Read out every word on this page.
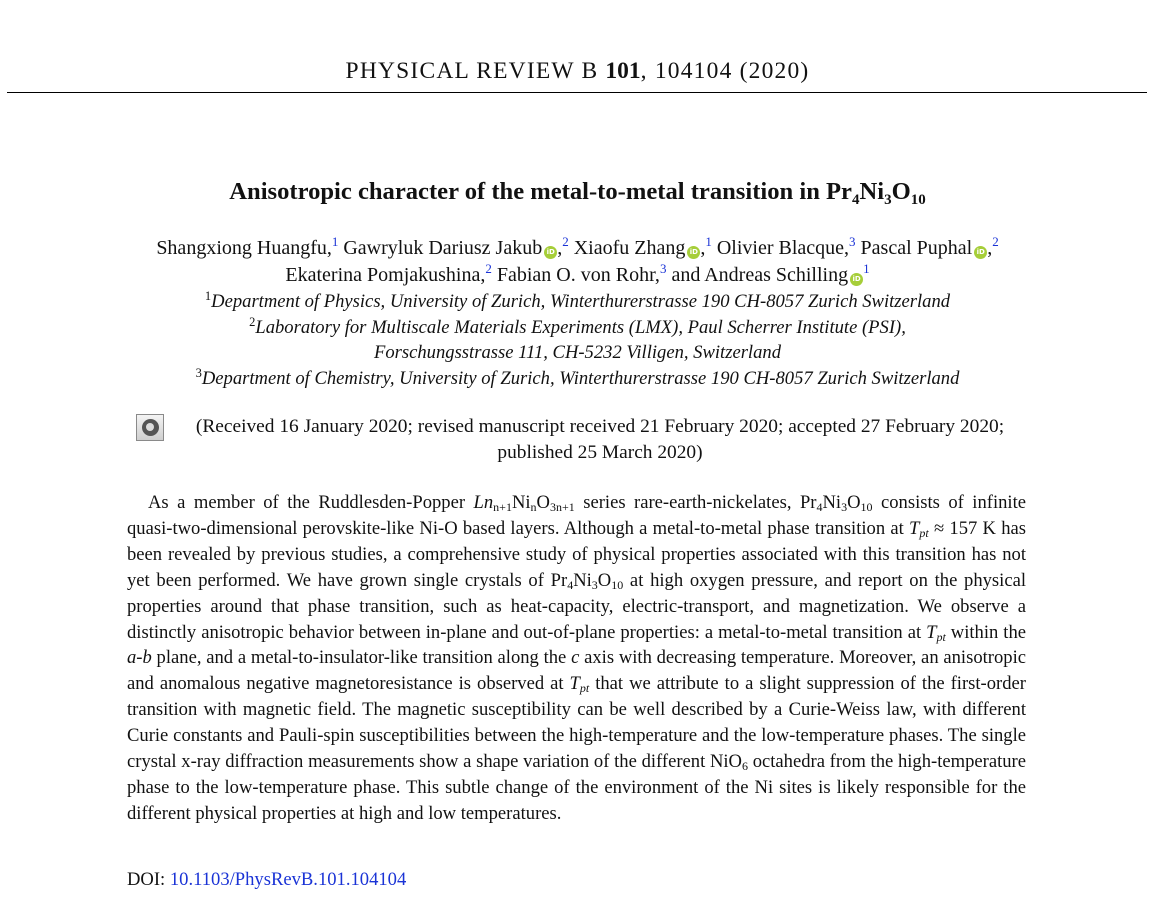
PHYSICAL REVIEW B 101, 104104 (2020)
Anisotropic character of the metal-to-metal transition in $Pr_4Ni_3O_{10}$
Shangxiong Huangfu,$^1$ Gawryluk Dariusz Jakub iD ,$^2$ Xiaofu Zhang iD ,$^1$ Olivier Blacque,$^3$ Pascal Puphal iD ,$^2$
Ekaterina Pomjakushina,$^2$ Fabian O. von Rohr,$^3$ and Andreas Schilling $iD^1$
$^1$Department of Physics, University of Zurich, Winterthurerstrasse 190 CH-8057 Zurich Switzerland
$^2$Laboratory for Multiscale Materials Experiments (LMX), Paul Scherrer Institute (PSI),
Forschungsstrasse 111, CH-5232 Villigen, Switzerland
$^3$Department of Chemistry, University of Zurich, Winterthurerstrasse 190 CH-8057 Zurich Switzerland
(Received 16 January 2020; revised manuscript received 21 February 2020; accepted 27 February 2020;
published 25 March 2020)

As a member of the Ruddlesden-Popper $Ln_{n+1}Ni_nO_{3n+1}$ series rare-earth-nickelates, $Pr_4Ni_3O_{10}$ consists of infinite quasi-two-dimensional perovskite-like Ni-O based layers. Although a metal-to-metal phase transition at $T_{pt} \approx 157$ K has been revealed by previous studies, a comprehensive study of physical properties associated with this transition has not yet been performed. We have grown single crystals of $Pr_4Ni_3O_{10}$ at high oxygen pressure, and report on the physical properties around that phase transition, such as heat-capacity, electric-transport, and magnetization. We observe a distinctly anisotropic behavior between in-plane and out-of-plane properties: a metal-to-metal transition at $T_{pt}$ within the a-b plane, and a metal-to-insulator-like transition along the c axis with decreasing temperature. Moreover, an anisotropic and anomalous negative magnetoresistance is observed at $T_{pt}$ that we attribute to a slight suppression of the first-order transition with magnetic field. The magnetic susceptibility can be well described by a Curie-Weiss law, with different Curie constants and Pauli-spin susceptibilities between the high-temperature and the low-temperature phases. The single crystal x-ray diffraction measurements show a shape variation of the different NiO$_6$ octahedra from the high-temperature phase to the low-temperature phase. This subtle change of the environment of the Ni sites is likely responsible for the different physical properties at high and low temperatures.

DOI: 10.1103/PhysRevB.101.104104
